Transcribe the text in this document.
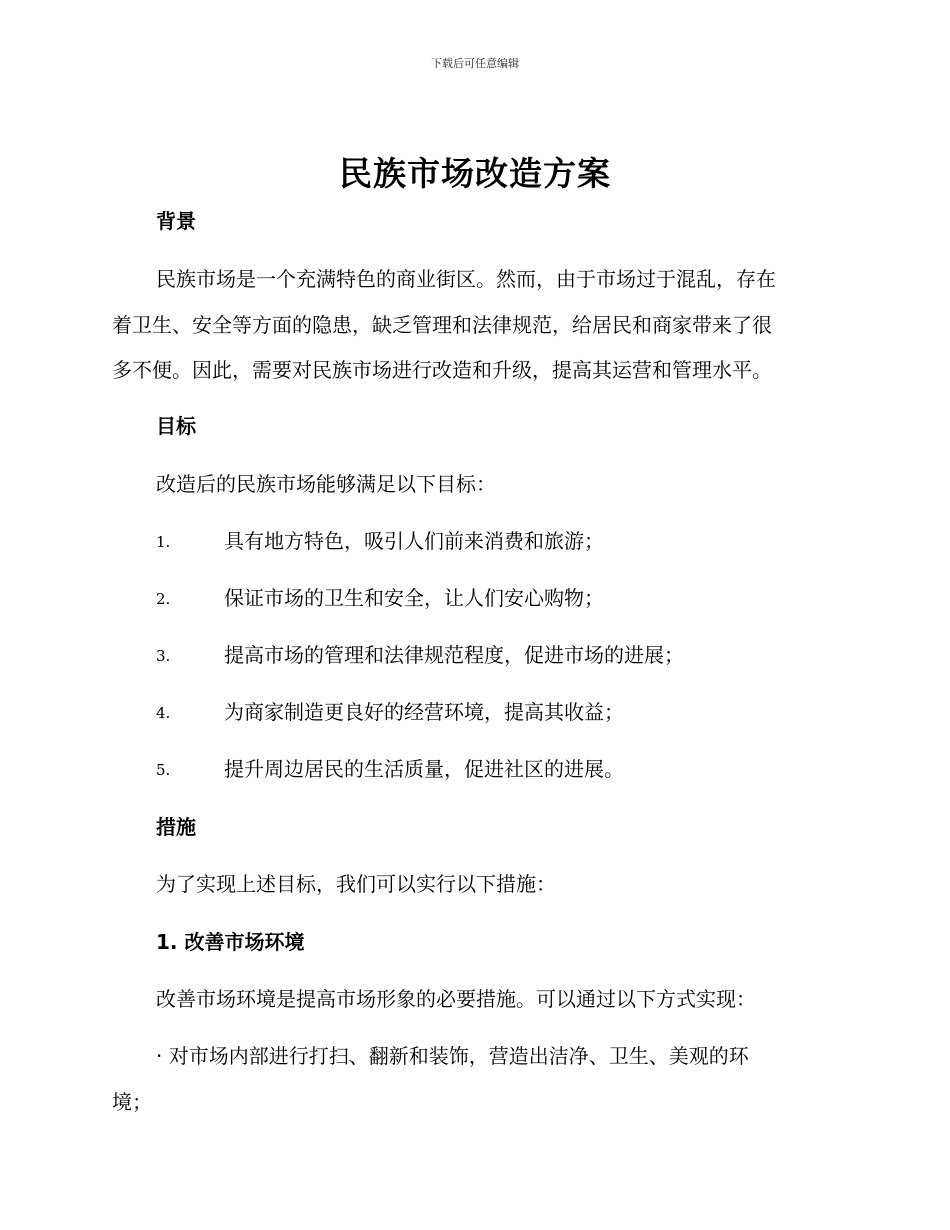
下载后可任意编辑
民族市场改造方案
背景
民族市场是一个充满特色的商业街区。然而，由于市场过于混乱，存在
着卫生、安全等方面的隐患，缺乏管理和法律规范，给居民和商家带来了很
多不便。因此，需要对民族市场进行改造和升级，提高其运营和管理水平。
目标
改造后的民族市场能够满足以下目标：
1.	具有地方特色，吸引人们前来消费和旅游；
2.	保证市场的卫生和安全，让人们安心购物；
3.	提高市场的管理和法律规范程度，促进市场的进展；
4.	为商家制造更良好的经营环境，提高其收益；
5.	提升周边居民的生活质量，促进社区的进展。
措施
为了实现上述目标，我们可以实行以下措施：
1. 改善市场环境
改善市场环境是提高市场形象的必要措施。可以通过以下方式实现：
· 对市场内部进行打扫、翻新和装饰，营造出洁净、卫生、美观的环
境；
